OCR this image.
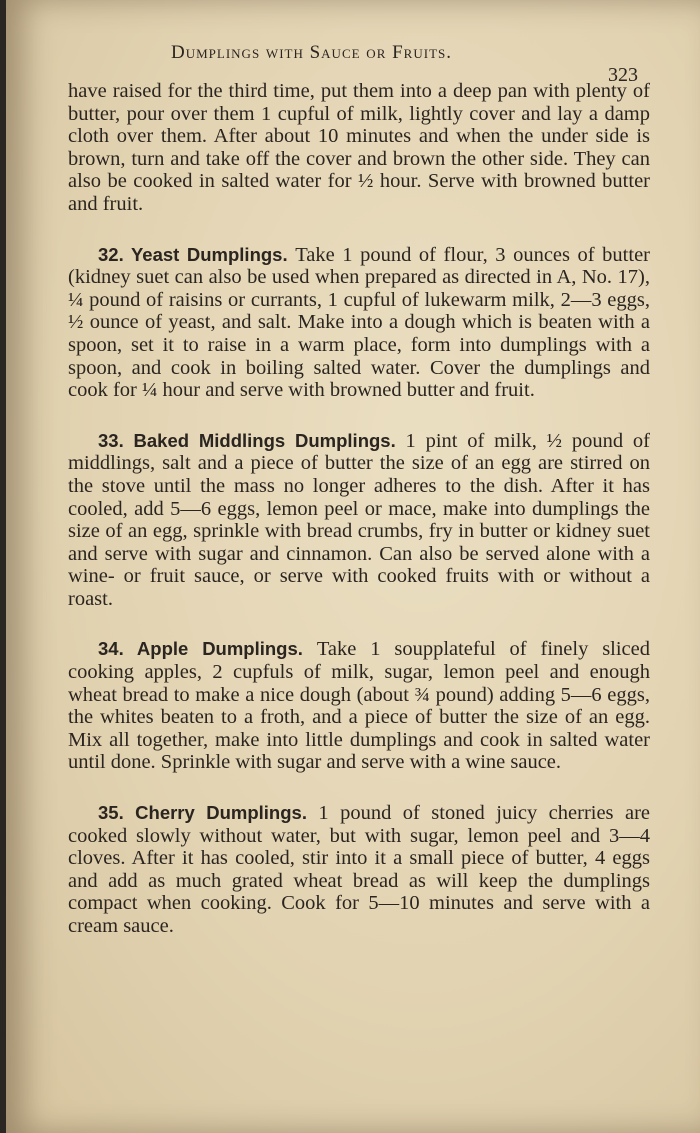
Dumplings with Sauce or Fruits.
323

have raised for the third time, put them into a deep pan with plenty of butter, pour over them 1 cupful of milk, lightly cover and lay a damp cloth over them. After about 10 minutes and when the under side is brown, turn and take off the cover and brown the other side. They can also be cooked in salted water for ½ hour. Serve with browned butter and fruit.

32. Yeast Dumplings. Take 1 pound of flour, 3 ounces of butter (kidney suet can also be used when prepared as directed in A, No. 17), ¼ pound of raisins or currants, 1 cupful of lukewarm milk, 2—3 eggs, ½ ounce of yeast, and salt. Make into a dough which is beaten with a spoon, set it to raise in a warm place, form into dumplings with a spoon, and cook in boiling salted water. Cover the dumplings and cook for ¼ hour and serve with browned butter and fruit.

33. Baked Middlings Dumplings. 1 pint of milk, ½ pound of middlings, salt and a piece of butter the size of an egg are stirred on the stove until the mass no longer adheres to the dish. After it has cooled, add 5—6 eggs, lemon peel or mace, make into dumplings the size of an egg, sprinkle with bread crumbs, fry in butter or kidney suet and serve with sugar and cinnamon. Can also be served alone with a wine- or fruit sauce, or serve with cooked fruits with or without a roast.

34. Apple Dumplings. Take 1 soupplateful of finely sliced cooking apples, 2 cupfuls of milk, sugar, lemon peel and enough wheat bread to make a nice dough (about ¾ pound) adding 5—6 eggs, the whites beaten to a froth, and a piece of butter the size of an egg. Mix all together, make into little dumplings and cook in salted water until done. Sprinkle with sugar and serve with a wine sauce.

35. Cherry Dumplings. 1 pound of stoned juicy cherries are cooked slowly without water, but with sugar, lemon peel and 3—4 cloves. After it has cooled, stir into it a small piece of butter, 4 eggs and add as much grated wheat bread as will keep the dumplings compact when cooking. Cook for 5—10 minutes and serve with a cream sauce.
